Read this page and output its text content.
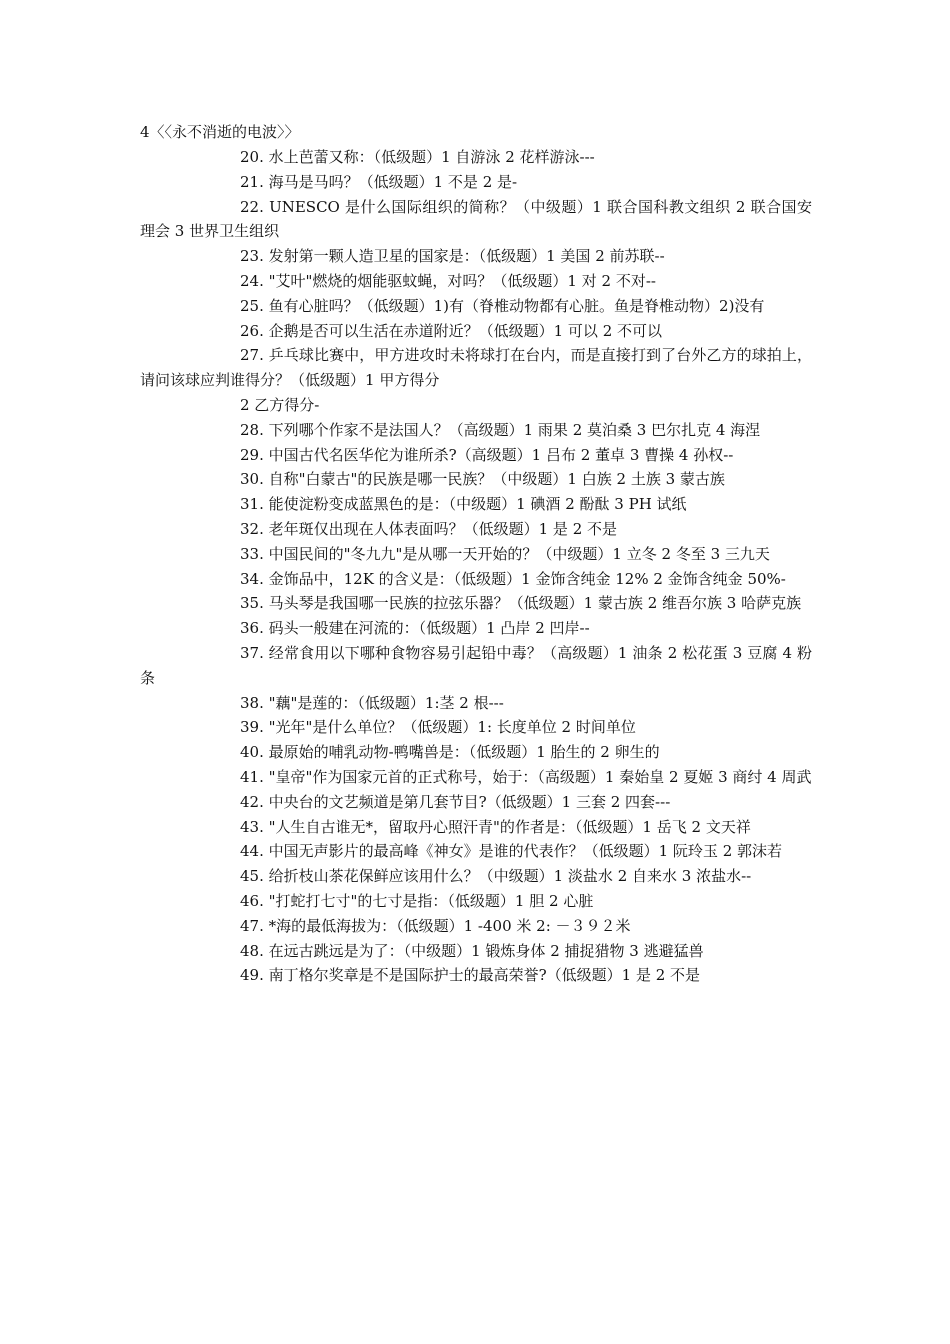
4〈〈永不消逝的电波〉〉

20. 水上芭蕾又称：（低级题）1 自游泳 2 花样游泳---

21. 海马是马吗？（低级题）1 不是 2 是-

22. UNESCO 是什么国际组织的简称？（中级题）1 联合国科教文组织 2 联合国安理会 3 世界卫生组织

23. 发射第一颗人造卫星的国家是：（低级题）1 美国 2 前苏联--

24. "艾叶"燃烧的烟能驱蚊蝇，对吗？（低级题）1 对 2 不对--

25. 鱼有心脏吗？（低级题）1)有（脊椎动物都有心脏。鱼是脊椎动物）2)没有

26. 企鹅是否可以生活在赤道附近？（低级题）1 可以 2 不可以

27. 乒乓球比赛中，甲方进攻时未将球打在台内，而是直接打到了台外乙方的球拍上，请问该球应判谁得分？（低级题）1 甲方得分

2 乙方得分-

28. 下列哪个作家不是法国人？（高级题）1 雨果 2 莫泊桑 3 巴尔扎克 4 海涅

29. 中国古代名医华佗为谁所杀?（高级题）1 吕布 2 董卓 3 曹操 4 孙权--

30. 自称"白蒙古"的民族是哪一民族？（中级题）1 白族 2 土族 3 蒙古族

31. 能使淀粉变成蓝黑色的是：（中级题）1 碘酒 2 酚酞 3 PH 试纸

32. 老年斑仅出现在人体表面吗？（低级题）1 是 2 不是

33. 中国民间的"冬九九"是从哪一天开始的？（中级题）1 立冬 2 冬至 3 三九天

34. 金饰品中，12K 的含义是：（低级题）1 金饰含纯金 12% 2 金饰含纯金 50%-

35. 马头琴是我国哪一民族的拉弦乐器？（低级题）1 蒙古族 2 维吾尔族 3 哈萨克族

36. 码头一般建在河流的：（低级题）1 凸岸 2 凹岸--

37. 经常食用以下哪种食物容易引起铅中毒？（高级题）1 油条 2 松花蛋 3 豆腐 4 粉条

38. "藕"是莲的：（低级题）1:茎 2 根---

39. "光年"是什么单位？（低级题）1: 长度单位 2 时间单位

40. 最原始的哺乳动物-鸭嘴兽是：（低级题）1 胎生的 2 卵生的

41. "皇帝"作为国家元首的正式称号，始于：（高级题）1 秦始皇 2 夏姬 3 商纣 4 周武

42. 中央台的文艺频道是第几套节目?（低级题）1 三套 2 四套---

43. "人生自古谁无*，留取丹心照汗青"的作者是：（低级题）1 岳飞 2 文天祥

44. 中国无声影片的最高峰《神女》是谁的代表作？（低级题）1 阮玲玉 2 郭沫若

45. 给折枝山茶花保鲜应该用什么？（中级题）1 淡盐水 2 自来水 3 浓盐水--

46. "打蛇打七寸"的七寸是指：（低级题）1 胆 2 心脏

47. *海的最低海拔为：（低级题）1 -400 米 2: －３９２米

48. 在远古跳远是为了：（中级题）1 锻炼身体 2 捕捉猎物 3 逃避猛兽

49. 南丁格尔奖章是不是国际护士的最高荣誉?（低级题）1 是 2 不是
